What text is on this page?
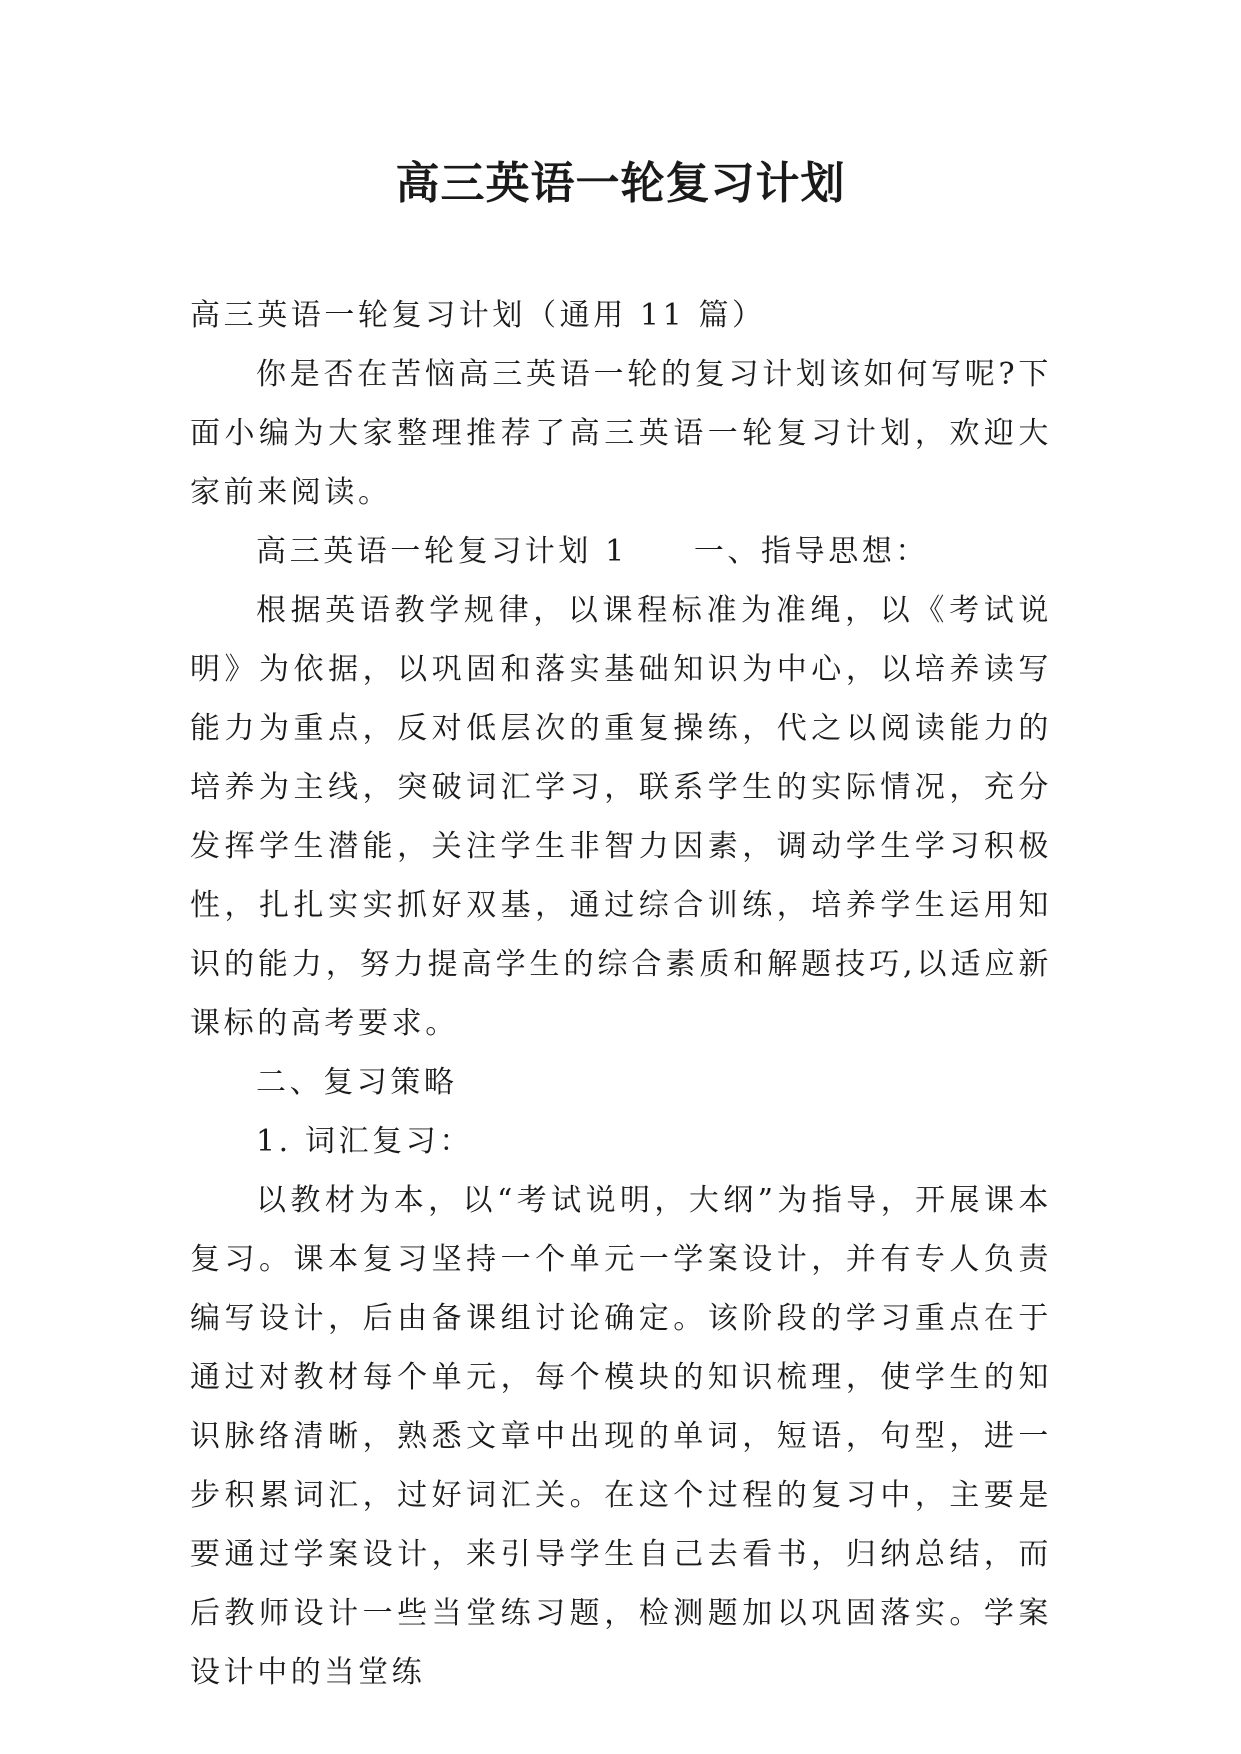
高三英语一轮复习计划

高三英语一轮复习计划（通用 11 篇）

你是否在苦恼高三英语一轮的复习计划该如何写呢?下面小编为大家整理推荐了高三英语一轮复习计划，欢迎大家前来阅读。

高三英语一轮复习计划 1 一、指导思想：

根据英语教学规律，以课程标准为准绳，以《考试说明》为依据，以巩固和落实基础知识为中心，以培养读写能力为重点，反对低层次的重复操练，代之以阅读能力的培养为主线，突破词汇学习，联系学生的实际情况，充分发挥学生潜能，关注学生非智力因素，调动学生学习积极性，扎扎实实抓好双基，通过综合训练，培养学生运用知识的能力，努力提高学生的综合素质和解题技巧,以适应新课标的高考要求。

二、复习策略

1. 词汇复习：

以教材为本，以“考试说明，大纲”为指导，开展课本复习。课本复习坚持一个单元一学案设计，并有专人负责编写设计，后由备课组讨论确定。该阶段的学习重点在于通过对教材每个单元，每个模块的知识梳理，使学生的知识脉络清晰，熟悉文章中出现的单词，短语，句型，进一步积累词汇，过好词汇关。在这个过程的复习中，主要是要通过学案设计，来引导学生自己去看书，归纳总结，而后教师设计一些当堂练习题，检测题加以巩固落实。学案设计中的当堂练
